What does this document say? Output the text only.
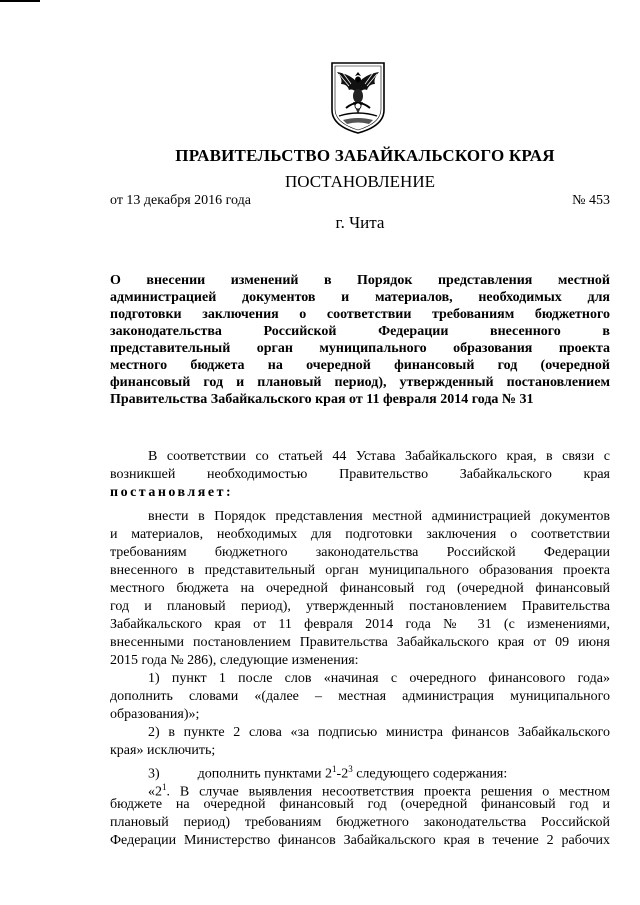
ПРАВИТЕЛЬСТВО ЗАБАЙКАЛЬСКОГО КРАЯ
ПОСТАНОВЛЕНИЕ
от 13 декабря 2016 года	№ 453
г. Чита
О внесении изменений в Порядок представления местной
администрацией документов и материалов, необходимых для
подготовки заключения о соответствии требованиям бюджетного
законодательства Российской Федерации внесенного в
представительный орган муниципального образования проекта
местного бюджета на очередной финансовый год (очередной
финансовый год и плановый период), утвержденный постановлением
Правительства Забайкальского края от 11 февраля 2014 года № 31
В соответствии со статьей 44 Устава Забайкальского края, в связи с
возникшей необходимостью Правительство Забайкальского края
постановляет:
внести в Порядок представления местной администрацией документов
и материалов, необходимых для подготовки заключения о соответствии
требованиям бюджетного законодательства Российской Федерации
внесенного в представительный орган муниципального образования проекта
местного бюджета на очередной финансовый год (очередной финансовый
год и плановый период), утвержденный постановлением Правительства
Забайкальского края от 11 февраля 2014 года № 31 (с изменениями,
внесенными постановлением Правительства Забайкальского края от 09 июня
2015 года № 286), следующие изменения:
1) пункт 1 после слов «начиная с очередного финансового года»
дополнить словами «(далее – местная администрация муниципального
образования)»;
2) в пункте 2 слова «за подписью министра финансов Забайкальского
края» исключить;
3)	дополнить пунктами $2^1-2^3$ следующего содержания:
«$2^1$. В случае выявления несоответствия проекта решения о местном
бюджете на очередной финансовый год (очередной финансовый год и
плановый период) требованиям бюджетного законодательства Российской
Федерации Министерство финансов Забайкальского края в течение 2 рабочих
